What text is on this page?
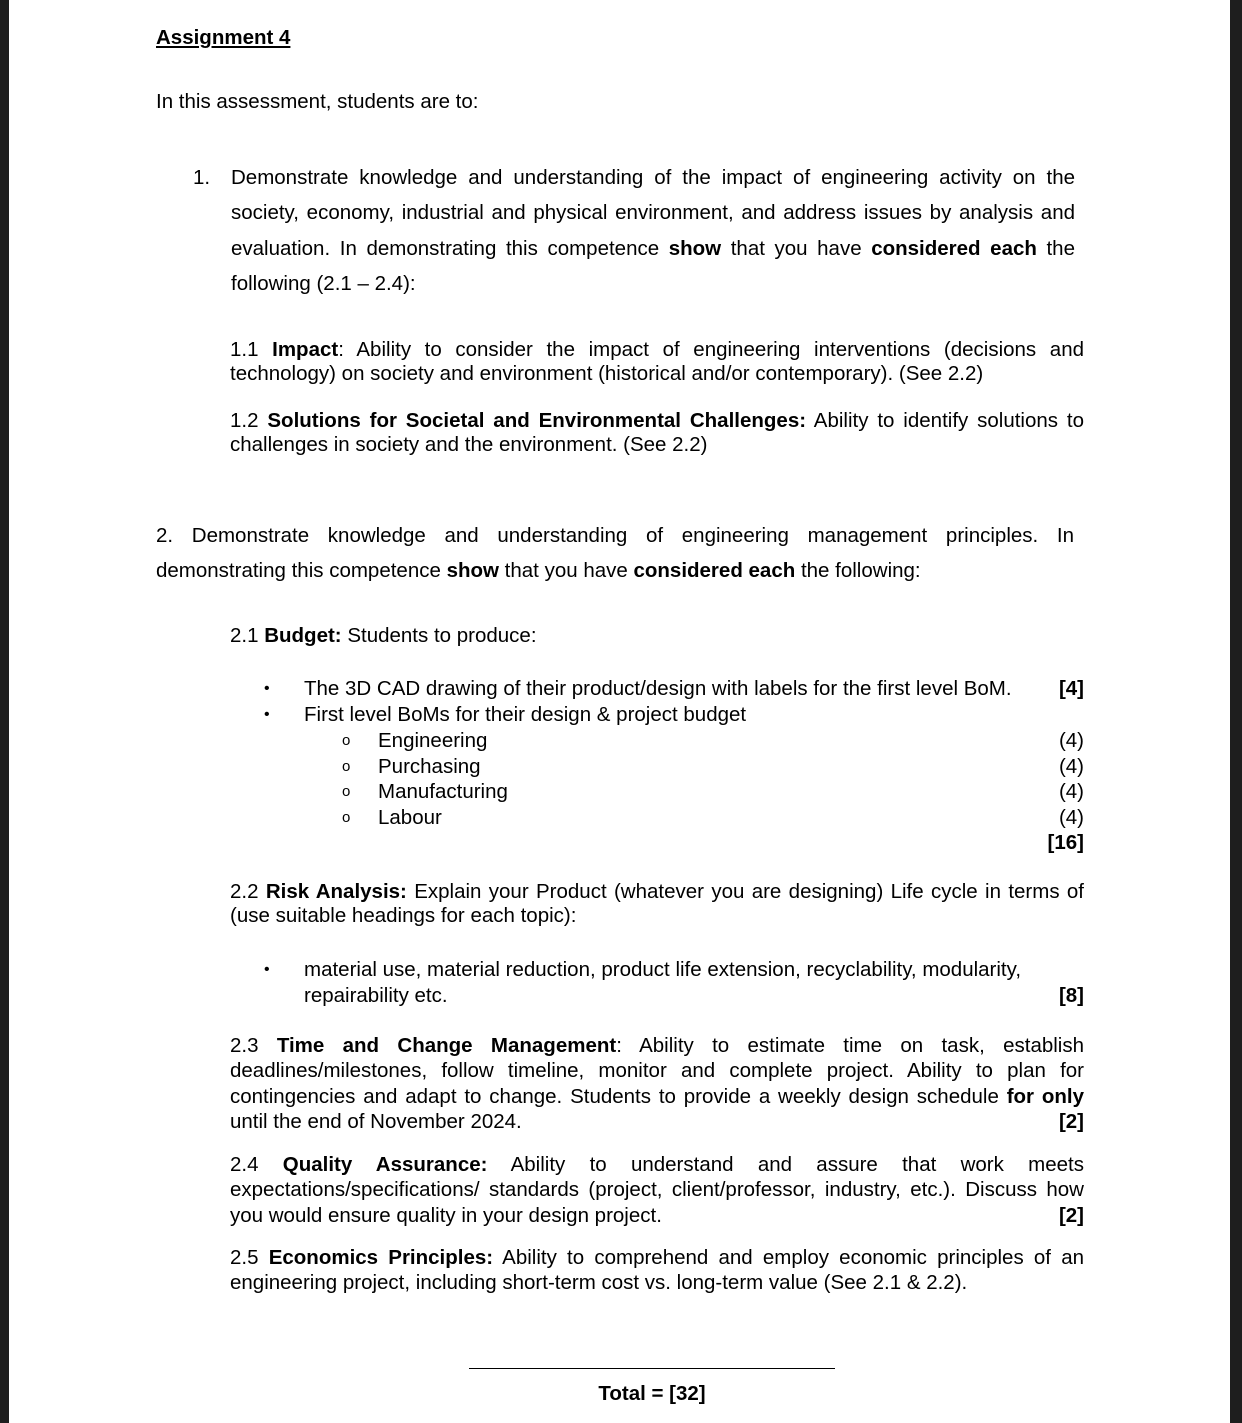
Assignment 4
In this assessment, students are to:
1. Demonstrate knowledge and understanding of the impact of engineering activity on the society, economy, industrial and physical environment, and address issues by analysis and evaluation. In demonstrating this competence show that you have considered each the following (2.1 – 2.4):
1.1 Impact: Ability to consider the impact of engineering interventions (decisions and technology) on society and environment (historical and/or contemporary). (See 2.2)
1.2 Solutions for Societal and Environmental Challenges: Ability to identify solutions to challenges in society and the environment. (See 2.2)
2. Demonstrate knowledge and understanding of engineering management principles. In demonstrating this competence show that you have considered each the following:
2.1 Budget: Students to produce:
• The 3D CAD drawing of their product/design with labels for the first level BoM. [4]
• First level BoMs for their design & project budget
o Engineering	(4)
o Purchasing	(4)
o Manufacturing	(4)
o Labour	(4)
[16]
2.2 Risk Analysis: Explain your Product (whatever you are designing) Life cycle in terms of (use suitable headings for each topic):
• material use, material reduction, product life extension, recyclability, modularity,
repairability etc.	[8]
2.3 Time and Change Management: Ability to estimate time on task, establish deadlines/milestones, follow timeline, monitor and complete project. Ability to plan for contingencies and adapt to change. Students to provide a weekly design schedule for only until the end of November 2024.	[2]
2.4 Quality Assurance: Ability to understand and assure that work meets expectations/specifications/ standards (project, client/professor, industry, etc.). Discuss how you would ensure quality in your design project.	[2]
2.5 Economics Principles: Ability to comprehend and employ economic principles of an engineering project, including short-term cost vs. long-term value (See 2.1 & 2.2).
Total = [32]
